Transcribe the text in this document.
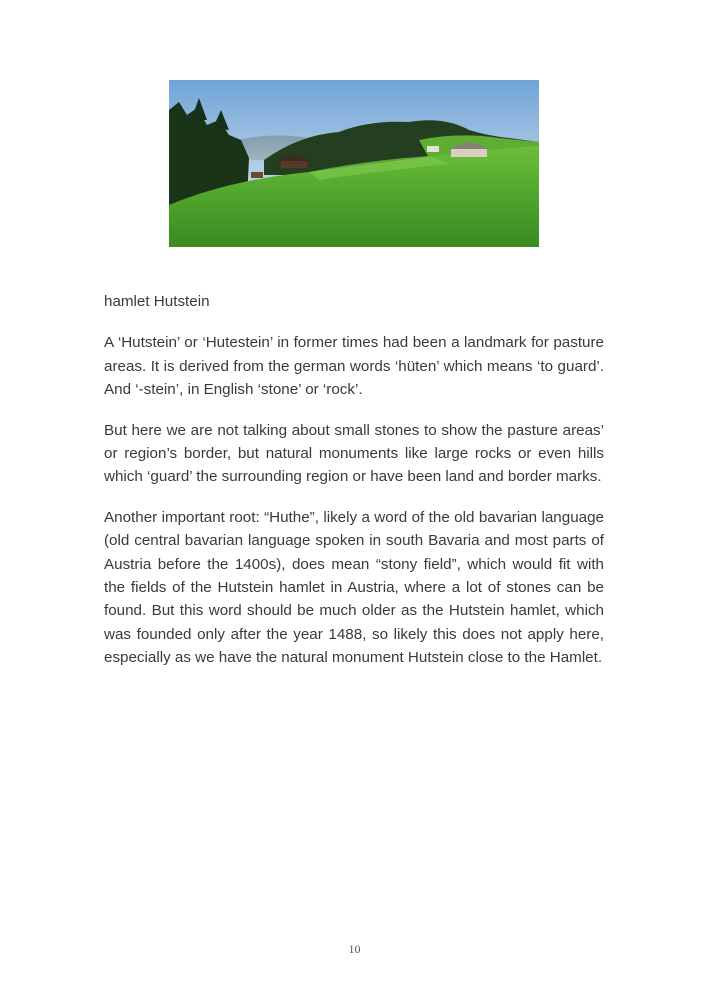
hamlet Hutstein

A ‘Hutstein’ or ‘Hutestein’ in former times had been a landmark for pasture areas. It is derived from the german words ‘hüten’ which means ‘to guard’. And ‘-stein’, in English ‘stone’ or ‘rock’.

But here we are not talking about small stones to show the pasture areas’ or region’s border, but natural monuments like large rocks or even hills which ‘guard’ the surrounding region or have been land and border marks.

Another important root: “Huthe”, likely a word of the old bavarian language (old central bavarian language spoken in south Bavaria and most parts of Austria before the 1400s), does mean “stony field”, which would fit with the fields of the Hutstein hamlet in Austria, where a lot of stones can be found. But this word should be much older as the Hutstein hamlet, which was founded only after the year 1488, so likely this does not apply here, especially as we have the natural monument Hutstein close to the Hamlet.

10
